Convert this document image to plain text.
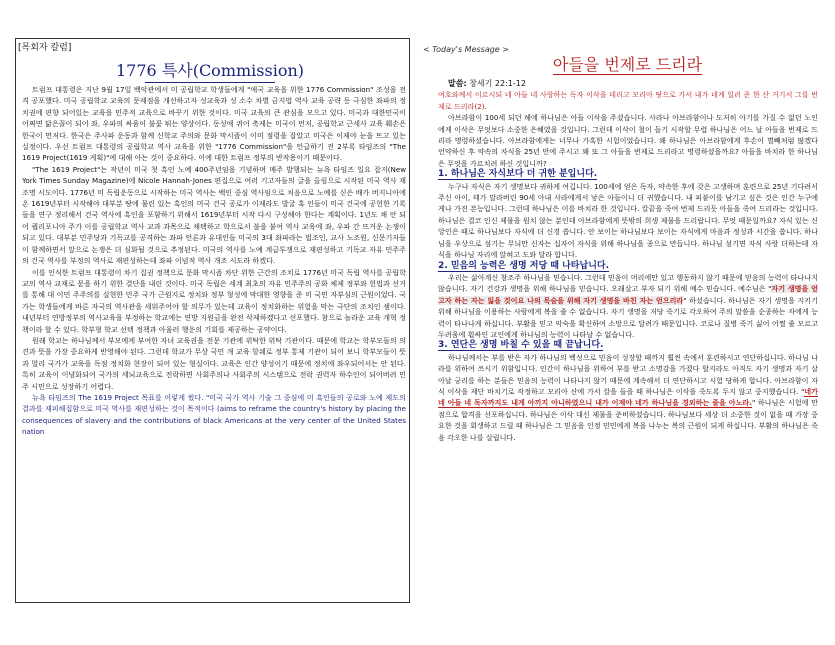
[목회자 칼럼]
1776 특사(Commission)

트럼프 대통령은 지난 9월 17일 백악관에서 미 공립학교 학생들에게 "애국 교육을 위한 1776 Commission" 조성을 전격 공포했다. 미국 공립학교 교육의 문제점을 개선하고자 성교육과 성 소수 차별 금지법 역사 교육 공략 등 극심한 좌파의 정치권에 편향 되어있는 교육을 민주적 교육으로 바꾸기 위한 것이다. 미국 교육의 큰 관심을 모으고 있다. 미국과 대한민국이 어쩌면 닮은꼴이 되어 좌, 우파의 싸움이 불꽃 튀는 양상이다. 동성애 퀴어 축제는 미국이 먼저, 공립학교 근세사 교육 훼손은 한국이 먼저다. 한국은 주사파 운동과 함께 신학교 주의와 문화 막시즘이 이미 점령을 잡았고 미국은 이제야 눈을 뜨고 있는 실정이다. 우선 트럼프 대통령의 공립학교 역사 교육을 위한 "1776 Commission"을 언급하기 전 2부록 타임즈의 "The 1619 Project(1619 게획)"에 대해 아는 것이 중요하다. 이에 대한 트럼프 정부의 반작용이기 때문이다.

"The 1619 Project"는 작년이 미국 첫 흑인 노예 400주년임을 기념하며 매주 발행되는 뉴욕 타임즈 일요 잡지(New York Times Sunday Magazine)에 Nicole Hannah-Jones 편집으로 여러 기고자들의 글을 올림으로 시작된 미국 역사 재조명 시도이다. 1776년 미 독립운동으로 시작하는 미국 역사는 백인 중심 역사임으로 처음으로 노예를 싣은 배가 버지니아에 온 1619년부터 시작해야 대부분 땅에 물린 있는 흑인의 미국 건국 공로가 이제라도 발굴 혹 인들이 미국 건국에 공헌한 기록들을 연구 정리해서 건국 역사에 흑인을 포함하기 위해서 1619년부터 시작 다시 구성해야 한다는 계획이다. 1년도 채 안 되어 퀄리포니아 주가 이를 공립학교 역사 교과 과목으로 채택하고 학으로서 불을 붙여 역사 교육에 좌, 우파 간 뜨거운 논쟁이 되고 있다. 대부분 민주당과 기독교를 공격하는 좌파 언론과 유대인들 미국의 3대 좌파라는 법조인, 교사 노조원, 신문기자들이 함께하면서 앞으로 논쟁은 더 심화될 것으로 추정된다. 미국의 역사를 노예 계급투쟁으로 재편성하고 기독교 자유 민주주의 건국 역사를 부정의 역사로 재편성하는데 좌파 이념적 역사 개조 시도라 하겠다.

이를 인식한 트럼프 대통령이 차기 집권 정책으로 문화 막시즘 차단 위한 근간의 조치로 1776년 미국 독립 역사를 공립학교의 역사 교재로 묻을 하기 위한 결단을 내린 것이다. 미국 독립은 세계 최초의 자유 민주주의 공화 체제 정부와 헌법과 선거를 통해 대 이민 주주의를 실현한 민주 국가 근원지로 정치와 정부 형성에 막대한 영향을 준 미 국민 자부심의 근원이었다. 국가는 학생들에게 바른 자국의 역사관을 세워주어야 할 의무가 있는데 교육이 정치화하는 위험을 막는 극단의 조치인 셈이다. 내년부터 연방정부의 역사교육을 부정하는 학교에는 연방 지원금을 완전 삭제하겠다고 선포했다. 참으로 놀라운 교육 개혁 정책이라 할 수 있다. 학부형 학교 선택 정책과 아울러 행운의 기회를 제공하는 공약이다.

원래 학교는 하나님께서 부모에게 부여한 자녀 교육권을 전문 기관에 위탁한 위탁 기관이다. 때문에 학교는 학부모들의 의견과 뜻을 가장 중요하게 반영해야 된다. 그런데 학교가 무상 국민 개 교육 항쉐로 정부 통제 기관이 되어 보니 학부모들이 뜻과 멀리 국가가 교육을 독점 정치화 현장이 되어 있는 형실이다. 교육은 인간 양성이기 때문에 정치에 좌우되어서는 안 된다. 특히 교육이 이념화되어 국가의 세뇌교육으로 전락하면 사회주의나 사회주의 시스템으로 전락 권력자 하수인이 되어버려 민주 시민으로 성장하기 어렵다.

뉴욕 타임즈의 The 1619 Project 목표를 이렇게 썼다. "미국 국가 역사 기술 그 중심에 미 흑인들의 공로와 노예 제도의 결과를 재피해집함으로 미국 역사를 재편성하는 것이 목적이다 (aims to reframe the country's history by placing the consequences of slavery and the contributions of black Americans at the very center of the United States nation

< Today's Message >
아들을 번제로 드리라

말씀: 창세기 22:1-12

여호와께서 이르시되 네 아들 네 사랑하는 독자 이삭을 데리고 모리아 땅으로 가서 내가 네게 일러 준 한 산 거기서 그를 번제로 드리라(2).

아브라함이 100세 되던 해에 하나님은 아들 이삭을 주셨습니다. 사라나 아브라함이나 도저히 아기를 가질 수 없던 노인에게 이삭은 무엇보다 소중한 은혜였을 것입니다. 그런데 이삭이 철이 들기 시작할 무렵 하나님은 어느 날 아들을 번제로 드리라 명령하셨습니다. 아브라함에게는 너무나 가혹한 시험이었습니다. 왜 하나님은 아브라함에게 후손이 별빼처럼 많겠다 언약하신 후 약속의 자식을 25년 만에 주시고 왜 또 그 아들을 번제로 드리라고 명령하셨을까요? 아들을 바치라 한 하나님은 무엇을 가르치려 하신 것입니까?

1. 하나님은 자식보다 더 귀한 분입니다.

누구나 자식은 자기 생명보다 귀하게 여깁니다. 100세에 얻은 독자, 약속한 후에 갖은 고생하며 훈련으로 25년 기다려서 주신 아이, 태가 말라버린 90세 아내 사라에게서 낳은 아들이니 더 귀했습니다. 내 피붙이를 남기고 싶은 것은 인간 누구에게나 가진 본능입니다. 그런데 하나님은 이를 바치라 한 것입니다. 칼끝을 죽여 번제 드리듯 아들을 죽여 드리라는 것입니다. 하나님은 결코 인신 제물을 원치 않는 분인데 아브라함에게 뜻밖의 희생 제물을 드리랍니다. 무엇 때문일까요? 자식 있는 신앙인은 때로 하나님보다 자식에 더 신경 씁니다. 안 보이는 하나님보다 보이는 자식에게 마음과 정성과 시간을 씁니다. 하나님을 우상으로 섬기는 무늬만 신자는 십자어 자식을 위해 하나님을 종으로 만듭니다. 하나님 섬기면 자식 사랑 더하는데 자식을 하나님 자리에 앉혀고 도와 달라 합니다.

2. 믿음의 능력은 생명 저당 때 나타납니다.

우리는 삶아계신 창조주 하나님을 믿습니다. 그런데 믿음이 머리에만 있고 행동하지 않기 때문에 믿음의 능력이 타나나지 않습니다. 자기 건강과 생명을 위해 하나님을 믿습니다. 오래살고 부자 되기 위해 예수 믿습니다. 예수님은 "자기 생명을 얻고자 하는 자는 잃을 것이요 나의 목숨을 위해 자기 생명을 바친 자는 얻으리라" 하셨습니다. 하나님은 자기 생명을 지키기 위해 하나님을 이용하는 사람에게 복을 줄 수 없습니다. 자기 생명을 저당 죽기로 각오하여 주의 말씀을 순종하는 자에게 능력이 타나나게 하십니다. 부활을 믿고 악숙을 확신하여 소망으로 달려가 때문입니다. 코로나 질병 죽기 싫어 어쩔 줄 모르고 두려움에 휩싸인 교인에게 하나님의 능력이 나타날 수 없습니다.

3. 연단은 생명 바칠 수 있을 때 끝납니다.

하나님께서는 부를 받은 자가 하나님의 백성으로 믿음이 성장할 때까지 훨씬 속에서 훈련하시고 연단하십니다. 하나님 나라를 위하여 쓰시기 위함입니다. 인간이 하나님을 위하여 부를 받고 소명감을 가졌다 할지라도 아직도 자기 생명과 자기 살아날 궁리를 하는 분들은 믿음의 능력이 나타나지 않기 때문에 계속해서 더 연단하시고 시험 당하게 합니다. 아브라함이 자식 이삭을 제단 바치기로 작정하고 모리아 산에 가서 칼을 들을 때 하나님은 이삭을 죽도록 두지 않고 중지했습니다. "네가 네 아들 네 독자까지도 내게 아끼지 아니하였으니 내가 이제야 네가 하나님을 경외하는 줄을 아노라." 하나님은 시험에 만점으로 합격을 선포하십니다. 하나님은 이삭 대신 제물을 준비하셨습니다. 하나님보다 세상 더 소중한 것이 없을 때 가장 중요한 것을 회생하고 드릴 때 하나님은 그 믿음을 인정 민민에게 복을 나누는 복의 근원이 되게 하십니다. 부활의 하나님은 죽음 각오한 나를 살립니다.
